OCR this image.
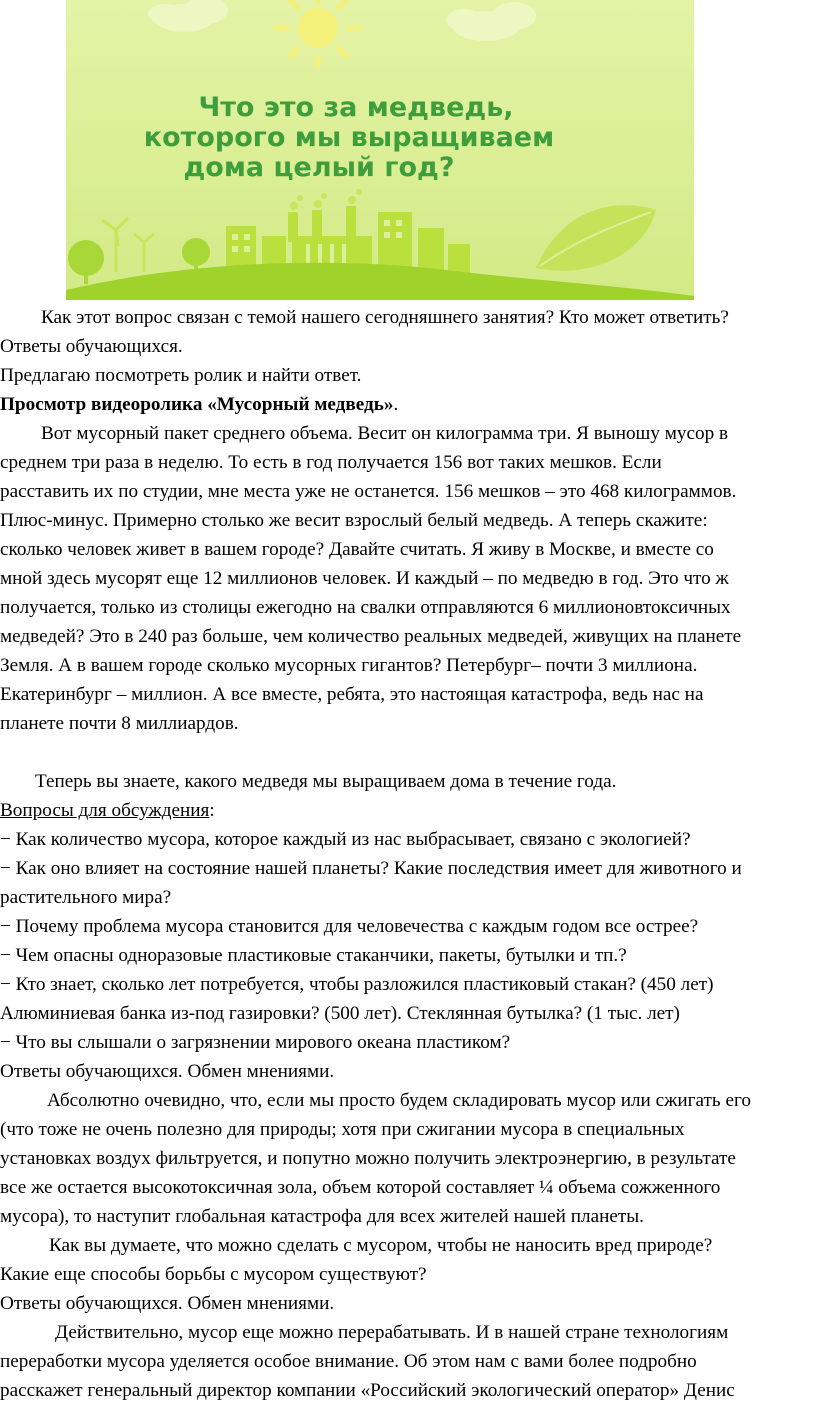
Что это за медведь,
которого мы выращиваем
дома целый год?

Как этот вопрос связан с темой нашего сегодняшнего занятия? Кто может ответить?

Ответы обучающихся.

Предлагаю посмотреть ролик и найти ответ.

Просмотр видеоролика «Мусорный медведь».

Вот мусорный пакет среднего объема. Весит он килограмма три. Я выношу мусор в

среднем три раза в неделю. То есть в год получается 156 вот таких мешков. Если

расставить их по студии, мне места уже не останется. 156 мешков – это 468 килограммов.

Плюс-минус. Примерно столько же весит взрослый белый медведь. А теперь скажите:

сколько человек живет в вашем городе? Давайте считать. Я живу в Москве, и вместе со

мной здесь мусорят еще 12 миллионов человек. И каждый – по медведю в год. Это что ж

получается, только из столицы ежегодно на свалки отправляются 6 миллионовтоксичных

медведей? Это в 240 раз больше, чем количество реальных медведей, живущих на планете

Земля. А в вашем городе сколько мусорных гигантов? Петербург– почти 3 миллиона.

Екатеринбург – миллион. А все вместе, ребята, это настоящая катастрофа, ведь нас на

планете почти 8 миллиардов.

Теперь вы знаете, какого медведя мы выращиваем дома в течение года.

Вопросы для обсуждения:

− Как количество мусора, которое каждый из нас выбрасывает, связано с экологией?

− Как оно влияет на состояние нашей планеты? Какие последствия имеет для животного и

растительного мира?

− Почему проблема мусора становится для человечества с каждым годом все острее?

− Чем опасны одноразовые пластиковые стаканчики, пакеты, бутылки и тп.?

− Кто знает, сколько лет потребуется, чтобы разложился пластиковый стакан? (450 лет)

Алюминиевая банка из-под газировки? (500 лет). Стеклянная бутылка? (1 тыс. лет)

− Что вы слышали о загрязнении мирового океана пластиком?

Ответы обучающихся. Обмен мнениями.

Абсолютно очевидно, что, если мы просто будем складировать мусор или сжигать его

(что тоже не очень полезно для природы; хотя при сжигании мусора в специальных

установках воздух фильтруется, и попутно можно получить электроэнергию, в результате

все же остается высокотоксичная зола, объем которой составляет ¼ объема сожженного

мусора), то наступит глобальная катастрофа для всех жителей нашей планеты.

Как вы думаете, что можно сделать с мусором, чтобы не наносить вред природе?

Какие еще способы борьбы с мусором существуют?

Ответы обучающихся. Обмен мнениями.

Действительно, мусор еще можно перерабатывать. И в нашей стране технологиям

переработки мусора уделяется особое внимание. Об этом нам с вами более подробно

расскажет генеральный директор компании «Российский экологический оператор» Денис
